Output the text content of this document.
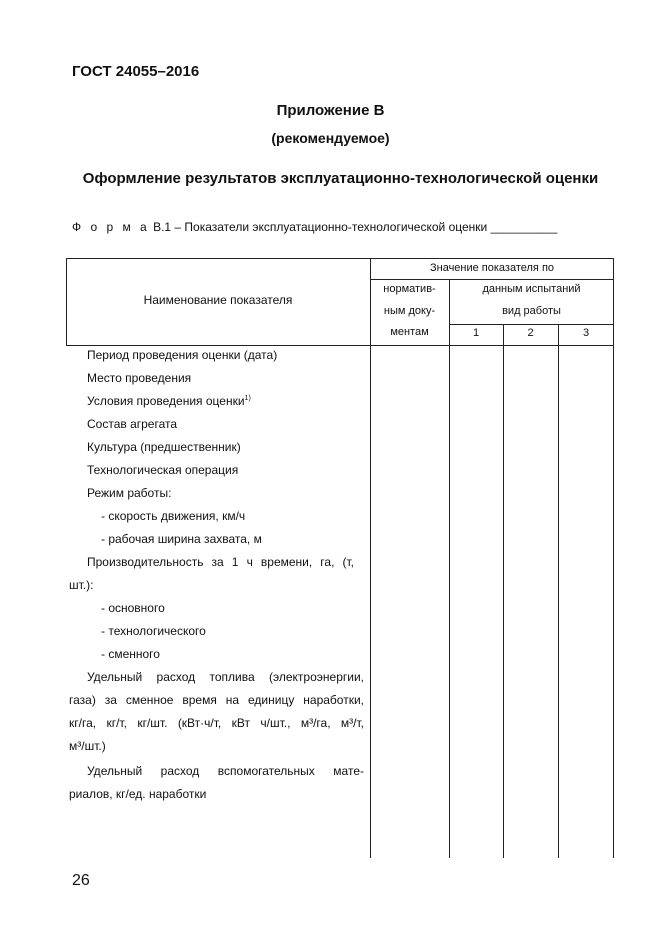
ГОСТ 24055–2016
Приложение В
(рекомендуемое)
Оформление результатов эксплуатационно-технологической оценки
Ф о р м а В.1 – Показатели эксплуатационно-технологической оценки __________
Наименование показателя
Значение показателя по
норматив-
ным доку-
ментам
данным испытаний
вид работы
1	2	3
Период проведения оценки (дата)
Место проведения
Условия проведения оценки$^{1)}$
Состав агрегата
Культура (предшественник)
Технологическая операция
Режим работы:
- скорость движения, км/ч
- рабочая ширина захвата, м
Производительность за 1 ч времени, га, (т,
шт.):
- основного
- технологического
- сменного
Удельный расход топлива (электроэнергии,
газа) за сменное время на единицу наработки,
кг/га, кг/т, кг/шт. (кВт·ч/т, кВт ч/шт., м³/га, м³/т,
м³/шт.)
Удельный расход вспомогательных мате-
риалов, кг/ед. наработки
26
